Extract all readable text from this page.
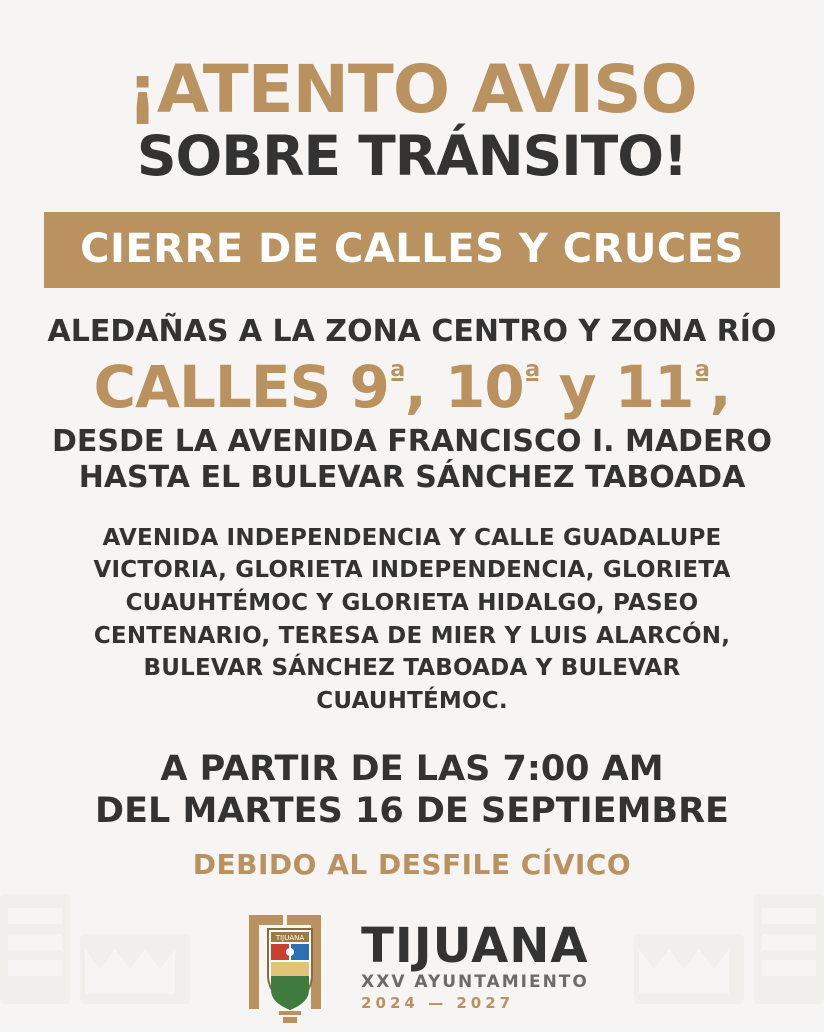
¡ATENTO AVISO
SOBRE TRÁNSITO!
CIERRE DE CALLES Y CRUCES
ALEDAÑAS A LA ZONA CENTRO Y ZONA RÍO
CALLES $9^ª$, $10^ª$ y $11^ª$,
DESDE LA AVENIDA FRANCISCO I. MADERO
HASTA EL BULEVAR SÁNCHEZ TABOADA
AVENIDA INDEPENDENCIA Y CALLE GUADALUPE VICTORIA, GLORIETA INDEPENDENCIA, GLORIETA CUAUHTÉMOC Y GLORIETA HIDALGO, PASEO CENTENARIO, TERESA DE MIER Y LUIS ALARCÓN, BULEVAR SÁNCHEZ TABOADA Y BULEVAR CUAUHTÉMOC.
A PARTIR DE LAS 7:00 AM
DEL MARTES 16 DE SEPTIEMBRE
DEBIDO AL DESFILE CÍVICO
TIJUANA TIJUANA
XXV AYUNTAMIENTO
2024 — 2027
